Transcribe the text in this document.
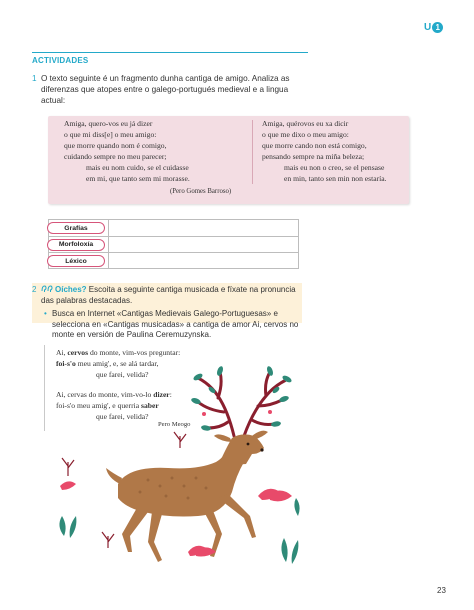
U 1
ACTIVIDADES
1 O texto seguinte é un fragmento dunha cantiga de amigo. Analiza as diferenzas que atopes entre o galego-portugués medieval e a lingua actual:
Amiga, quero-vos eu já dizer
o que mi diss[e] o meu amigo:
que morre quando nom é comigo,
cuidando sempre no meu parecer;
mais eu nom cuido, se el cuidasse
em mi, que tanto sem mi morasse.
Amiga, quérovos eu xa dicir
o que me dixo o meu amigo:
que morre cando non está comigo,
pensando sempre na miña beleza;
mais eu non o creo, se el pensase
en min, tanto sen min non estaría.
(Pero Gomes Barroso)
Grafías
Morfoloxía
Léxico
2	Oíches? Escoita a seguinte cantiga musicada e fíxate na pronuncia das palabras destacadas.
• Busca en Internet «Cantigas Medievais Galego-Portuguesas» e selecciona en «Cantigas musicadas» a cantiga de amor Ai, cervos no monte en versión de Paulina Ceremuzynska.
Ai, cervos do monte, vim-vos preguntar:
foi-s'o meu amig', e, se alá tardar,
que farei, velida?
Ai, cervas do monte, vim-vo-lo dizer:
foi-s'o meu amig', e querria saber
que farei, velida?
Pero Meogo
23
